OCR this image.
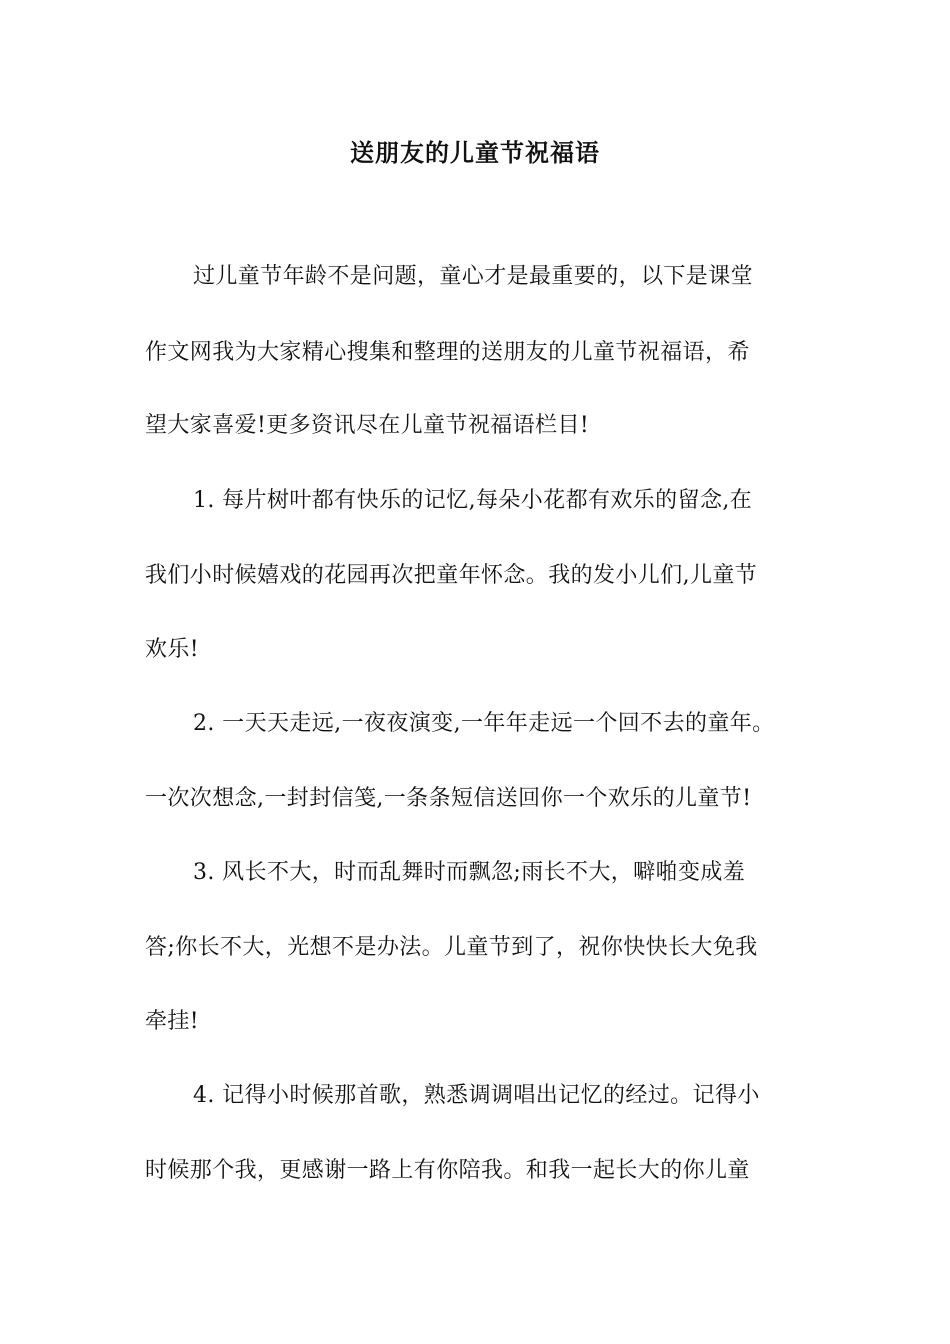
送朋友的儿童节祝福语

过儿童节年龄不是问题，童心才是最重要的，以下是课堂

作文网我为大家精心搜集和整理的送朋友的儿童节祝福语，希

望大家喜爱!更多资讯尽在儿童节祝福语栏目!

1. 每片树叶都有快乐的记忆,每朵小花都有欢乐的留念,在

我们小时候嬉戏的花园再次把童年怀念。我的发小儿们,儿童节

欢乐!

2. 一天天走远,一夜夜演变,一年年走远一个回不去的童年。

一次次想念,一封封信笺,一条条短信送回你一个欢乐的儿童节!

3. 风长不大，时而乱舞时而飘忽;雨长不大，噼啪变成羞

答;你长不大，光想不是办法。儿童节到了，祝你快快长大免我

牵挂!

4. 记得小时候那首歌，熟悉调调唱出记忆的经过。记得小

时候那个我，更感谢一路上有你陪我。和我一起长大的你儿童
